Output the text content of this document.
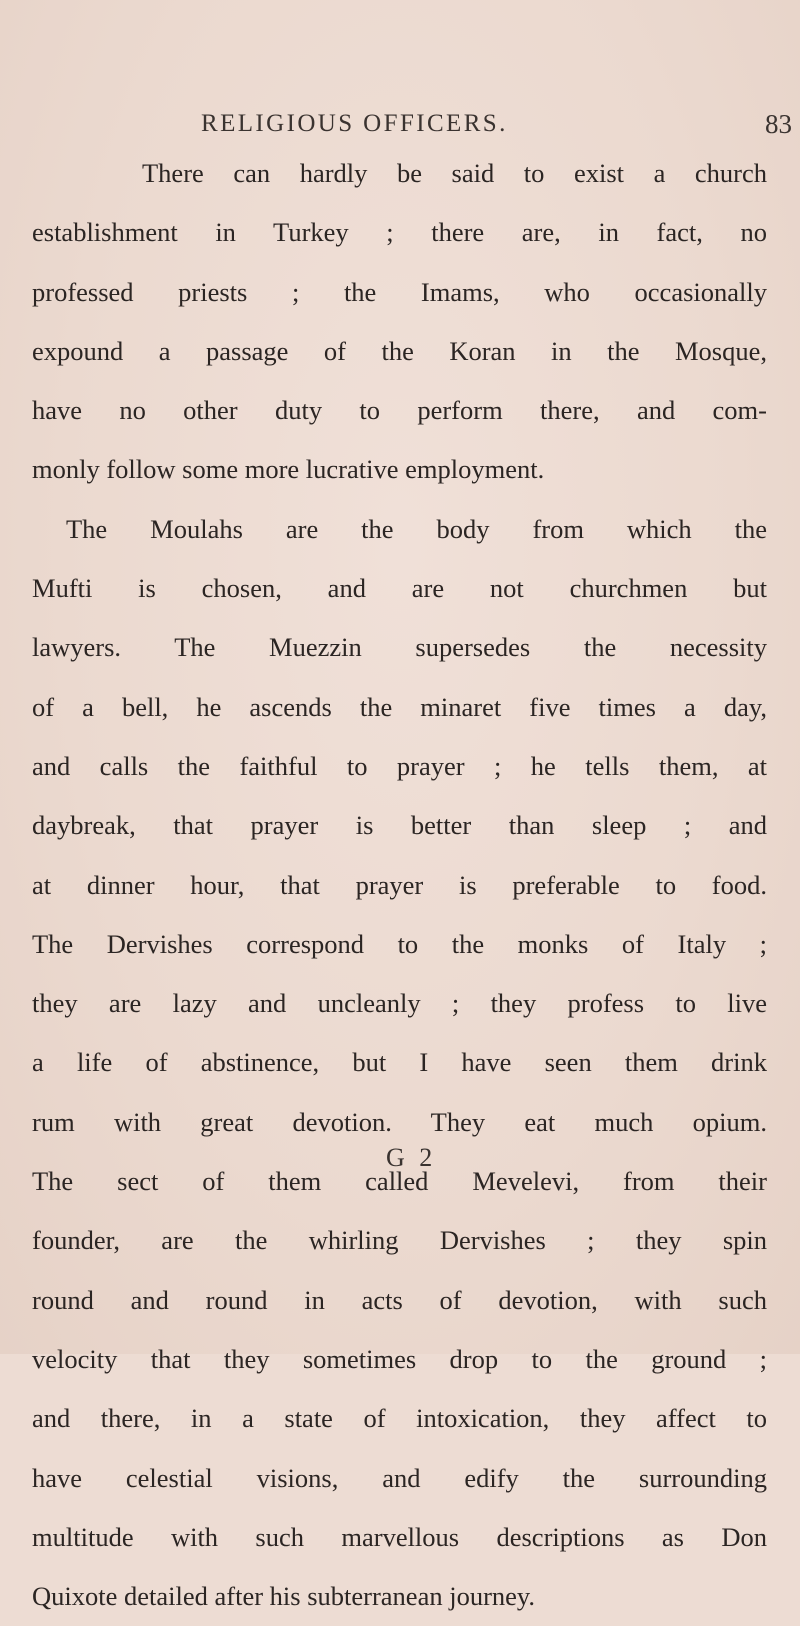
RELIGIOUS OFFICERS.	83
There can hardly be said to exist a church
establishment in Turkey ; there are, in fact, no
professed priests ; the Imams, who occasionally
expound a passage of the Koran in the Mosque,
have no other duty to perform there, and com-
monly follow some more lucrative employment.
The Moulahs are the body from which the
Mufti is chosen, and are not churchmen but
lawyers. The Muezzin supersedes the necessity
of a bell, he ascends the minaret five times a day,
and calls the faithful to prayer ; he tells them, at
daybreak, that prayer is better than sleep ; and
at dinner hour, that prayer is preferable to food.
The Dervishes correspond to the monks of Italy ;
they are lazy and uncleanly ; they profess to live
a life of abstinence, but I have seen them drink
rum with great devotion. They eat much opium.
The sect of them called Mevelevi, from their
founder, are the whirling Dervishes ; they spin
round and round in acts of devotion, with such
velocity that they sometimes drop to the ground ;
and there, in a state of intoxication, they affect to
have celestial visions, and edify the surrounding
multitude with such marvellous descriptions as Don
Quixote detailed after his subterranean journey.
G 2
